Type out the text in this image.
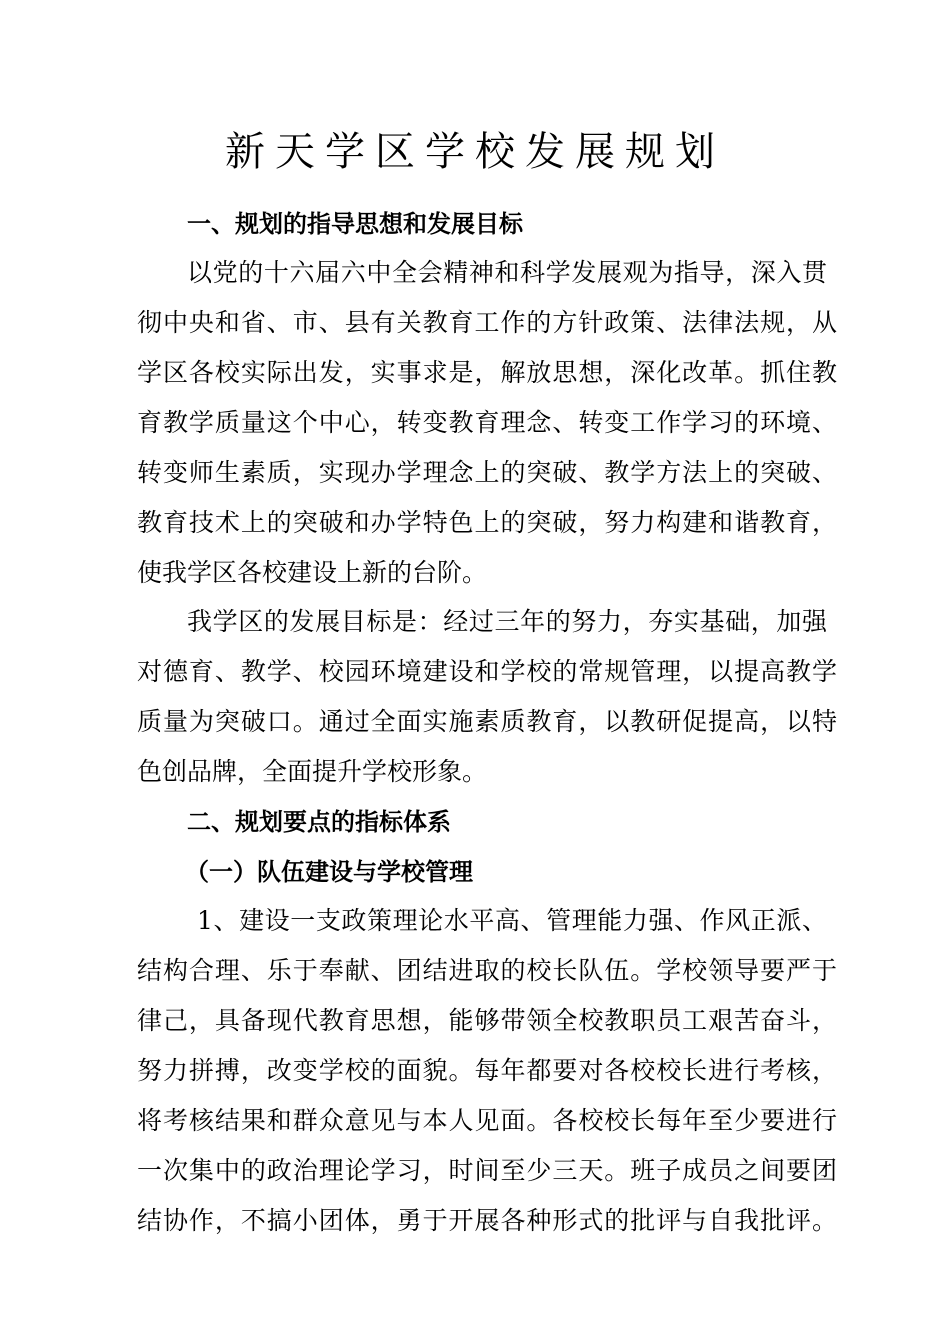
新天学区学校发展规划
一、规划的指导思想和发展目标
以党的十六届六中全会精神和科学发展观为指导，深入贯
彻中央和省、市、县有关教育工作的方针政策、法律法规，从
学区各校实际出发，实事求是，解放思想，深化改革。抓住教
育教学质量这个中心，转变教育理念、转变工作学习的环境、
转变师生素质，实现办学理念上的突破、教学方法上的突破、
教育技术上的突破和办学特色上的突破，努力构建和谐教育，
使我学区各校建设上新的台阶。
我学区的发展目标是：经过三年的努力，夯实基础，加强
对德育、教学、校园环境建设和学校的常规管理，以提高教学
质量为突破口。通过全面实施素质教育，以教研促提高，以特
色创品牌，全面提升学校形象。
二、规划要点的指标体系
（一）队伍建设与学校管理
1、建设一支政策理论水平高、管理能力强、作风正派、
结构合理、乐于奉献、团结进取的校长队伍。学校领导要严于
律己，具备现代教育思想，能够带领全校教职员工艰苦奋斗，
努力拼搏，改变学校的面貌。每年都要对各校校长进行考核，
将考核结果和群众意见与本人见面。各校校长每年至少要进行
一次集中的政治理论学习，时间至少三天。班子成员之间要团
结协作，不搞小团体，勇于开展各种形式的批评与自我批评。
